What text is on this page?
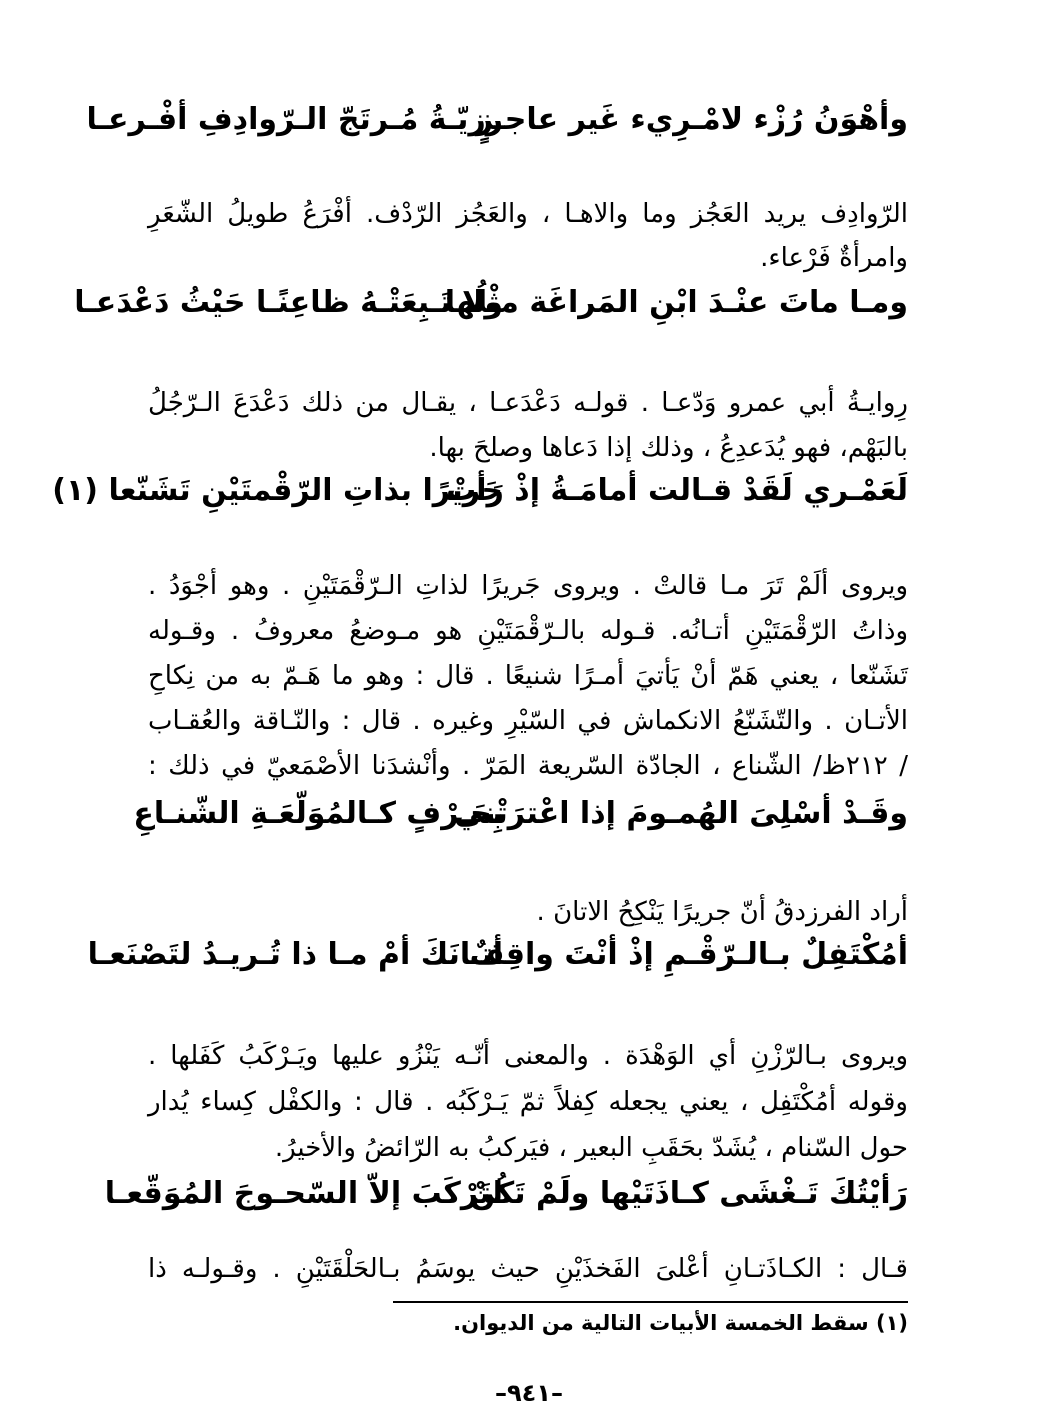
وأهْوَنُ رُزْء لامْـرِيء غَير عاجـزٍ
رزيّـةُ مُـرتَجّ الـرّوادِفِ أفْـرعـا
الرّوادِف يريد العَجُز وما والاهـا ، والعَجُز الرّدْف. أفْرَعُ طويلُ الشّعَرِ
وامرأةٌ فَرْعاء.
ومـا ماتَ عنْـدَ ابْنِ المَراغَة مثْلُها
ولا تَـبِعَتْـهُ ظاعِنًـا حَيْثُ دَعْدَعـا
رِوايـةُ أبي عمرو وَدّعـا . قولـه دَعْدَعـا ، يقـال من ذلك دَعْدَعَ الـرّجُلُ
بالبَهْم، فهو يُدَعدِعُ ، وذلك إذا دَعاها وصلحَ بها.
لَعَمْـري لَقَدْ قـالت أمامَـةُ إذْ رَأتْ
جَريرًا بذاتِ الرّقْمتَيْنِ تَشَنّعا (١)
ويروى ألَمْ تَرَ مـا قالتْ . ويروى جَريرًا لذاتِ الـرّقْمَتَيْنِ . وهو أجْوَدُ .
وذاتُ الرّقْمَتَيْنِ أتـانُه. قـوله بالـرّقْمَتَيْنِ هو مـوضعُ معروفُ . وقـوله
تَشَنّعا ، يعني هَمّ أنْ يَأتيَ أمـرًا شنيعًا . قال : وهو ما هَـمّ به من نِكاحِ
الأتـان . والتّشَنّعُ الانكماش في السّيْرِ وغيره . قال : والنّـاقة والعُقـاب
/ ٢١٢ظ/ الشّناع ، الجادّة السّريعة المَرّ . وأنْشدَنا الأصْمَعيّ في ذلك :
وقَـدْ أسْلِىَ الهُمـومَ إذا اعْترَتْني
بِحَـرْفٍ كـالمُوَلّعَـةِ الشّنـاعِ
أراد الفرزدقُ أنّ جريرًا يَنْكِحُ الاتانَ .
أمُكْتَفِلٌ بـالـرّقْـمِ إذْ أنْتَ واقِفٌ
أتـانَكَ أمْ مـا ذا تُـريـدُ لتَصْنَعـا
ويروى بـالرّزْنِ أي الوَهْدَة . والمعنى أنّـه يَنْزُو عليها ويَـرْكَبُ كَفَلها .
وقوله أمُكْتَفِل ، يعني يجعله كِفلاً ثمّ يَـرْكَبُه . قال : والكفْل كِساء يُدار
حول السّنام ، يُشَدّ بحَقَبِ البعير ، فيَركبُ به الرّائضُ والأخيرُ.
رَأيْتُكَ تَـغْشَى كـاذَتَيْها ولَمْ تَكُنْ
لتَرْكَبَ إلاّ السّحـوجَ المُوَقّعـا
قـال : الكـاذَتـانِ أعْلىَ الفَخذَيْنِ حيث يوسَمُ بـالحَلْقَتَيْنِ . وقـولـه ذا
(١) سقط الخمسة الأبيات التالية من الديوان.
–٩٤١–
